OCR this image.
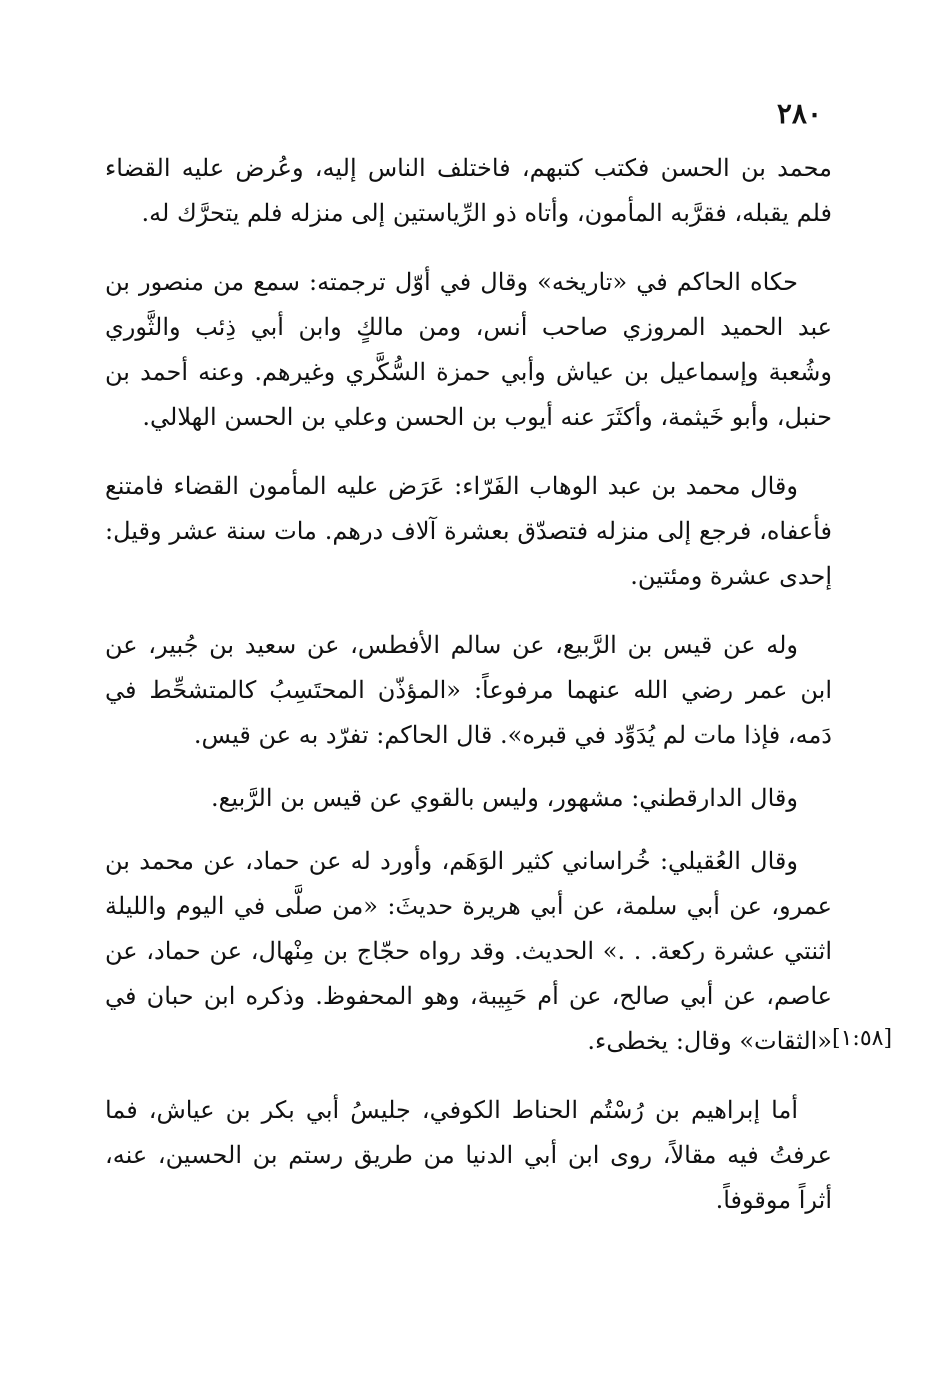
٢٨٠

محمد بن الحسن فكتب كتبهم، فاختلف الناس إليه، وعُرض عليه القضاء فلم يقبله، فقرَّبه المأمون، وأتاه ذو الرِّياستين إلى منزله فلم يتحرَّك له.

حكاه الحاكم في «تاريخه» وقال في أوّل ترجمته: سمع من منصور بن عبد الحميد المروزي صاحب أنس، ومن مالكٍ وابن أبي ذِئب والثَّوري وشُعبة وإسماعيل بن عياش وأبي حمزة السُّكَّري وغيرهم. وعنه أحمد بن حنبل، وأبو خَيثمة، وأكثَرَ عنه أيوب بن الحسن وعلي بن الحسن الهلالي.

وقال محمد بن عبد الوهاب الفَرّاء: عَرَض عليه المأمون القضاء فامتنع فأعفاه، فرجع إلى منزله فتصدّق بعشرة آلاف درهم. مات سنة عشر وقيل: إحدى عشرة ومئتين.

وله عن قيس بن الرَّبيع، عن سالم الأفطس، عن سعيد بن جُبير، عن ابن عمر رضي الله عنهما مرفوعاً: «المؤذّن المحتَسِبُ كالمتشحِّط في دَمه، فإذا مات لم يُدَوِّد في قبره». قال الحاكم: تفرّد به عن قيس.

وقال الدارقطني: مشهور، وليس بالقوي عن قيس بن الرَّبيع.

وقال العُقيلي: خُراساني كثير الوَهَم، وأورد له عن حماد، عن محمد بن عمرو، عن أبي سلمة، عن أبي هريرة حديثَ: «من صلَّى في اليوم والليلة اثنتي عشرة ركعة. . .» الحديث. وقد رواه حجّاج بن مِنْهال، عن حماد، عن عاصم، عن أبي صالح، عن أم حَبِيبة، وهو المحفوظ. وذكره ابن حبان في «الثقات» وقال: يخطىء.

أما إبراهيم بن رُسْتُم الحناط الكوفي، جليسُ أبي بكر بن عياش، فما عرفتُ فيه مقالاً، روى ابن أبي الدنيا من طريق رستم بن الحسين، عنه، أثراً موقوفاً.

[١:٥٨]
